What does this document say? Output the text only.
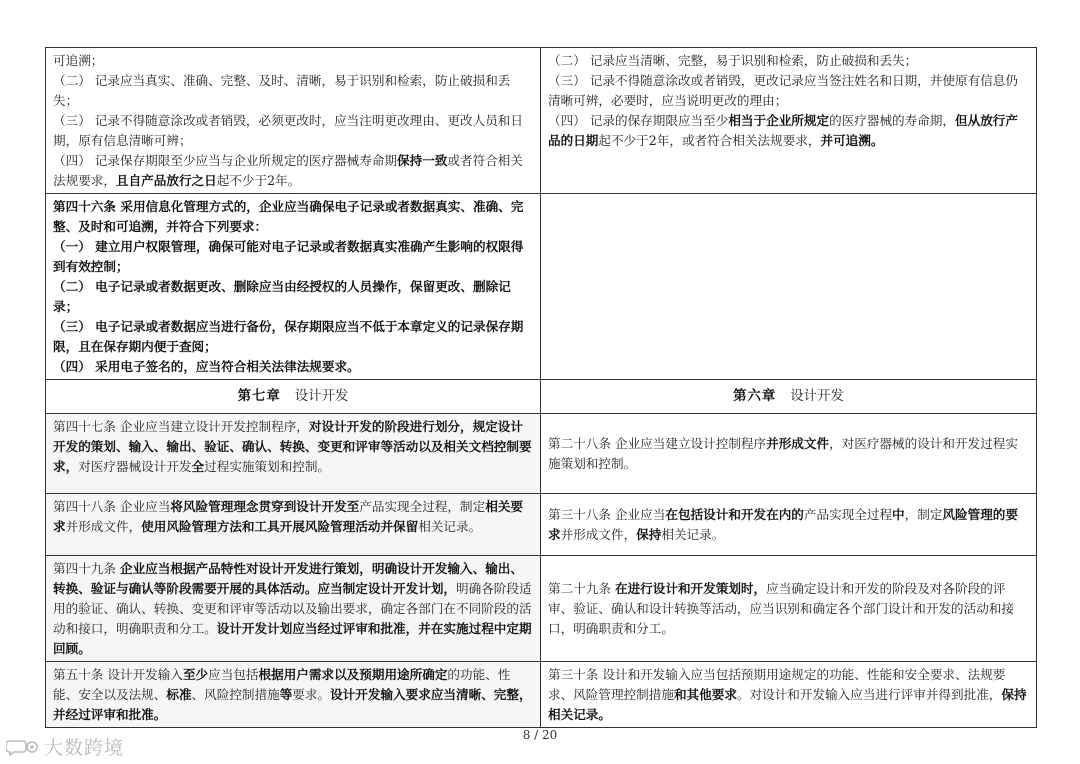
可追溯；
（二） 记录应当真实、准确、完整、及时、清晰，易于识别和检索，防止破损和丢失；
（三） 记录不得随意涂改或者销毁，必须更改时，应当注明更改理由、更改人员和日期，原有信息清晰可辨；
（四） 记录保存期限至少应当与企业所规定的医疗器械寿命期保持一致或者符合相关法规要求，且自产品放行之日起不少于2年。	（二） 记录应当清晰、完整，易于识别和检索，防止破损和丢失；
（三） 记录不得随意涂改或者销毁，更改记录应当签注姓名和日期，并使原有信息仍清晰可辨，必要时，应当说明更改的理由；
（四） 记录的保存期限应当至少相当于企业所规定的医疗器械的寿命期，但从放行产品的日期起不少于2年，或者符合相关法规要求，并可追溯。

第四十六条 采用信息化管理方式的，企业应当确保电子记录或者数据真实、准确、完整、及时和可追溯，并符合下列要求：
（一） 建立用户权限管理，确保可能对电子记录或者数据真实准确产生影响的权限得到有效控制；
（二） 电子记录或者数据更改、删除应当由经授权的人员操作，保留更改、删除记录；
（三） 电子记录或者数据应当进行备份，保存期限应当不低于本章定义的记录保存期限，且在保存期内便于查阅；
（四） 采用电子签名的，应当符合相关法律法规要求。	

第七章 设计开发	第六章 设计开发

第四十七条 企业应当建立设计开发控制程序，对设计开发的阶段进行划分，规定设计开发的策划、输入、输出、验证、确认、转换、变更和评审等活动以及相关文档控制要求，对医疗器械设计开发全过程实施策划和控制。	第二十八条 企业应当建立设计控制程序并形成文件，对医疗器械的设计和开发过程实施策划和控制。

第四十八条 企业应当将风险管理理念贯穿到设计开发至产品实现全过程，制定相关要求并形成文件，使用风险管理方法和工具开展风险管理活动并保留相关记录。	第三十八条 企业应当在包括设计和开发在内的产品实现全过程中，制定风险管理的要求并形成文件，保持相关记录。

第四十九条 企业应当根据产品特性对设计开发进行策划，明确设计开发输入、输出、转换、验证与确认等阶段需要开展的具体活动。应当制定设计开发计划，明确各阶段适用的验证、确认、转换、变更和评审等活动以及输出要求，确定各部门在不同阶段的活动和接口，明确职责和分工。设计开发计划应当经过评审和批准，并在实施过程中定期回顾。	第二十九条 在进行设计和开发策划时，应当确定设计和开发的阶段及对各阶段的评审、验证、确认和设计转换等活动，应当识别和确定各个部门设计和开发的活动和接口，明确职责和分工。

第五十条 设计开发输入至少应当包括根据用户需求以及预期用途所确定的功能、性能、安全以及法规、标准、风险控制措施等要求。设计开发输入要求应当清晰、完整，并经过评审和批准。	第三十条 设计和开发输入应当包括预期用途规定的功能、性能和安全要求、法规要求、风险管理控制措施和其他要求。对设计和开发输入应当进行评审并得到批准，保持相关记录。
8 / 20
大数跨境
